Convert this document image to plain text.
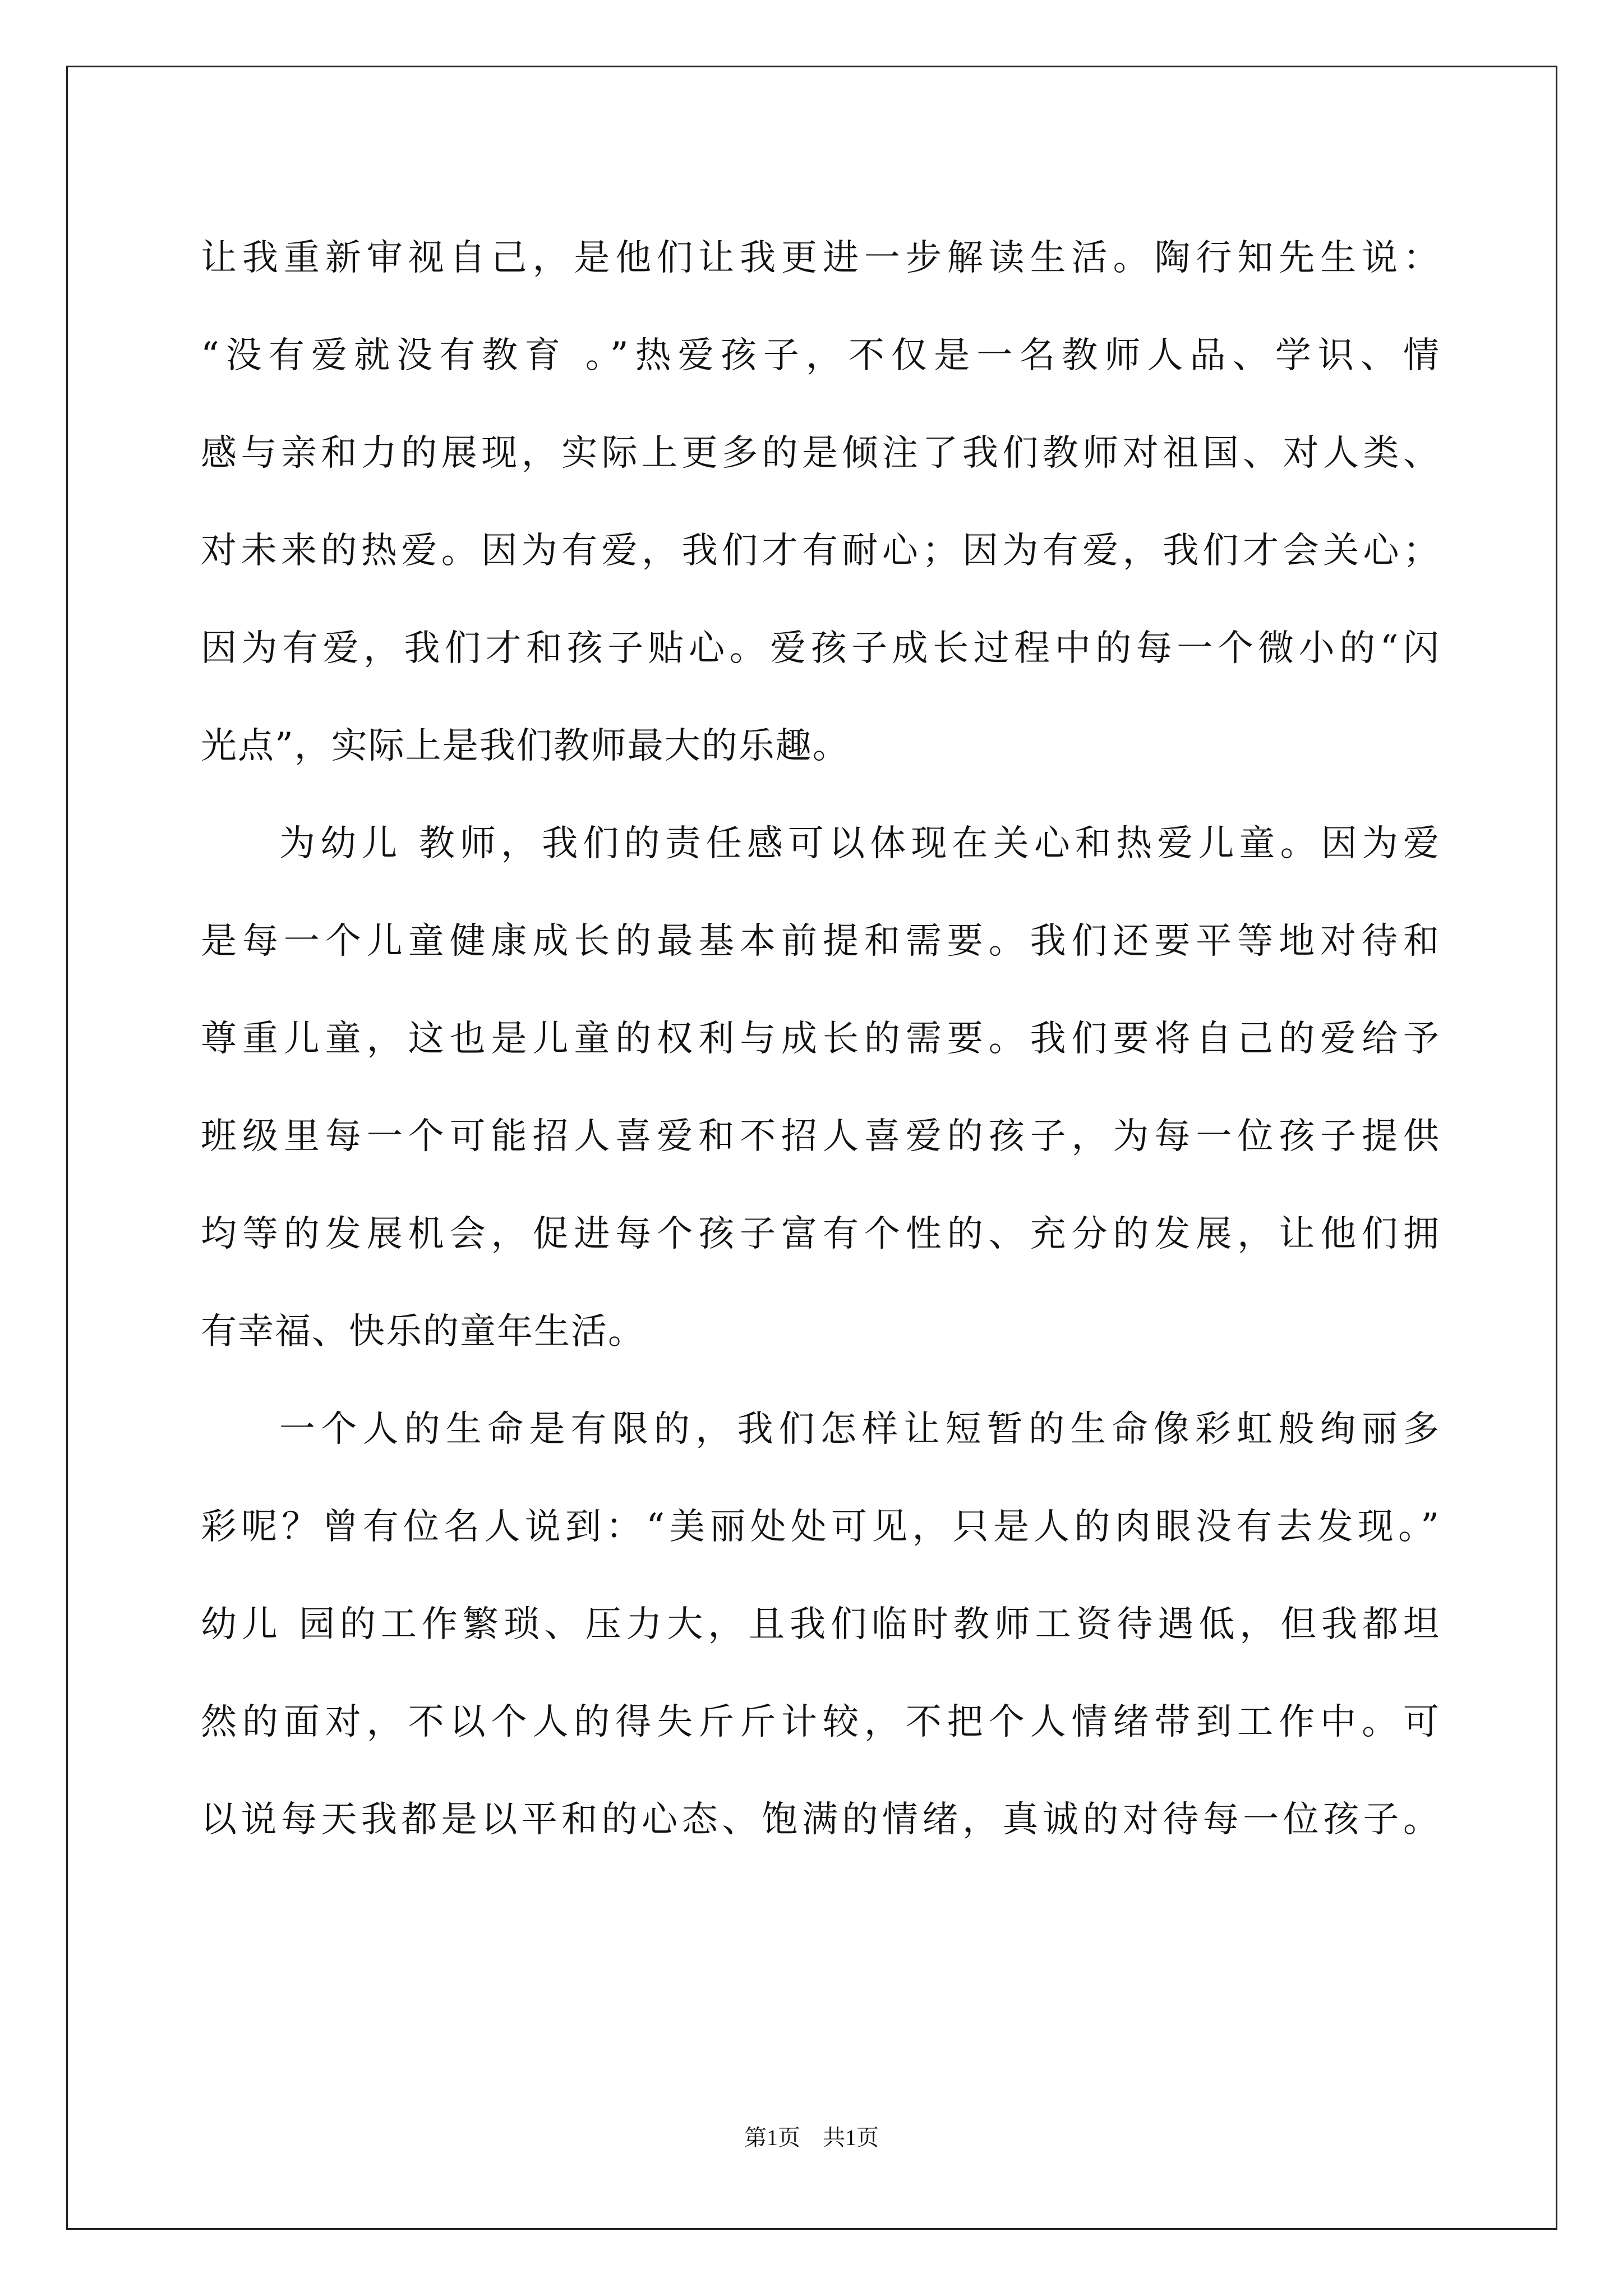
让我重新审视自己，是他们让我更进一步解读生活。陶行知先生说：
“没有爱就没有教育 。”热爱孩子，不仅是一名教师人品、学识、情
感与亲和力的展现，实际上更多的是倾注了我们教师对祖国、对人类、
对未来的热爱。因为有爱，我们才有耐心；因为有爱，我们才会关心；
因为有爱，我们才和孩子贴心。爱孩子成长过程中的每一个微小的“闪
光点”，实际上是我们教师最大的乐趣。
为幼儿 教师，我们的责任感可以体现在关心和热爱儿童。因为爱
是每一个儿童健康成长的最基本前提和需要。我们还要平等地对待和
尊重儿童，这也是儿童的权利与成长的需要。我们要将自己的爱给予
班级里每一个可能招人喜爱和不招人喜爱的孩子，为每一位孩子提供
均等的发展机会，促进每个孩子富有个性的、充分的发展，让他们拥
有幸福、快乐的童年生活。
一个人的生命是有限的，我们怎样让短暂的生命像彩虹般绚丽多
彩呢？曾有位名人说到：“美丽处处可见，只是人的肉眼没有去发现。”
幼儿 园的工作繁琐、压力大，且我们临时教师工资待遇低，但我都坦
然的面对，不以个人的得失斤斤计较，不把个人情绪带到工作中。可
以说每天我都是以平和的心态、饱满的情绪，真诚的对待每一位孩子。
第1页 共1页
